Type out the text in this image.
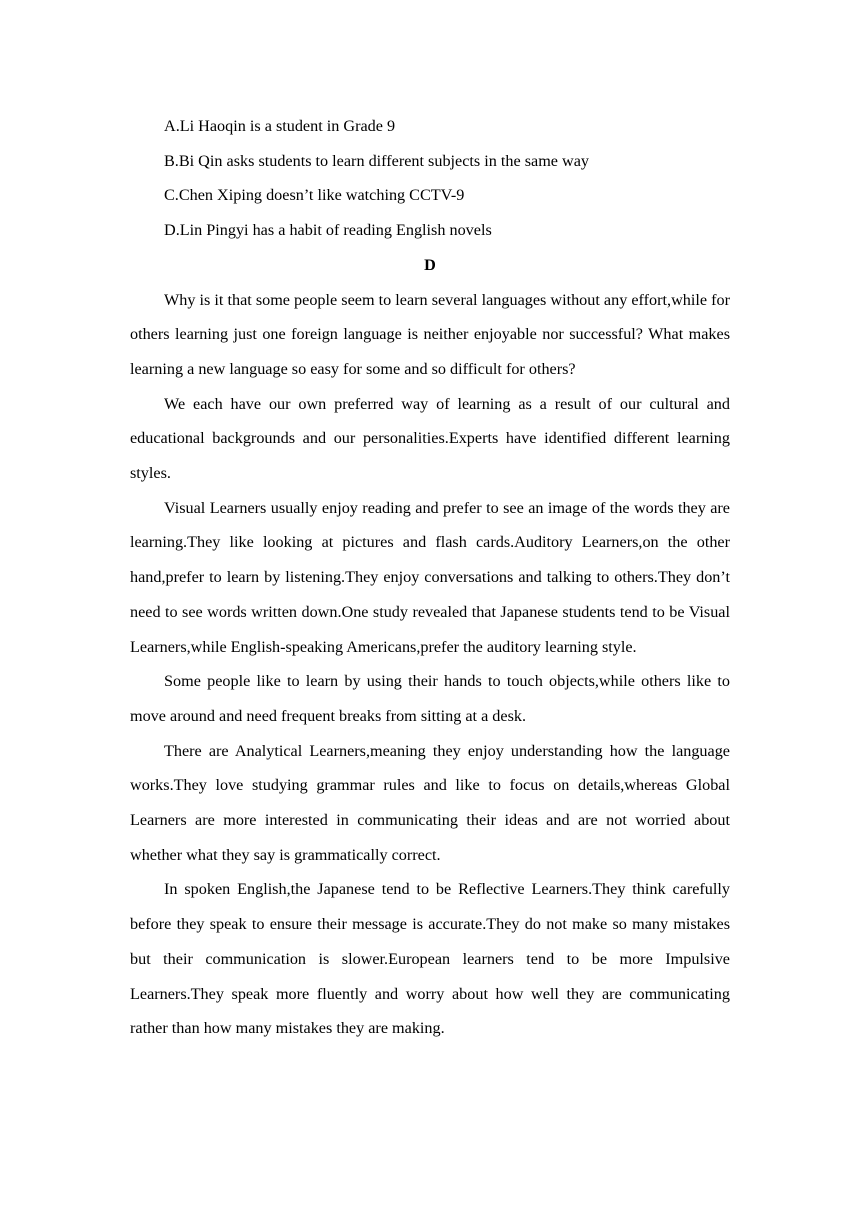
A.Li Haoqin is a student in Grade 9

B.Bi Qin asks students to learn different subjects in the same way

C.Chen Xiping doesn’t like watching CCTV-9

D.Lin Pingyi has a habit of reading English novels

D

Why is it that some people seem to learn several languages without any effort,while for others learning just one foreign language is neither enjoyable nor successful? What makes learning a new language so easy for some and so difficult for others?

We each have our own preferred way of learning as a result of our cultural and educational backgrounds and our personalities.Experts have identified different learning styles.

Visual Learners usually enjoy reading and prefer to see an image of the words they are learning.They like looking at pictures and flash cards.Auditory Learners,on the other hand,prefer to learn by listening.They enjoy conversations and talking to others.They don’t need to see words written down.One study revealed that Japanese students tend to be Visual Learners,while English-speaking Americans,prefer the auditory learning style.

Some people like to learn by using their hands to touch objects,while others like to move around and need frequent breaks from sitting at a desk.

There are Analytical Learners,meaning they enjoy understanding how the language works.They love studying grammar rules and like to focus on details,whereas Global Learners are more interested in communicating their ideas and are not worried about whether what they say is grammatically correct.

In spoken English,the Japanese tend to be Reflective Learners.They think carefully before they speak to ensure their message is accurate.They do not make so many mistakes but their communication is slower.European learners tend to be more Impulsive Learners.They speak more fluently and worry about how well they are communicating rather than how many mistakes they are making.
